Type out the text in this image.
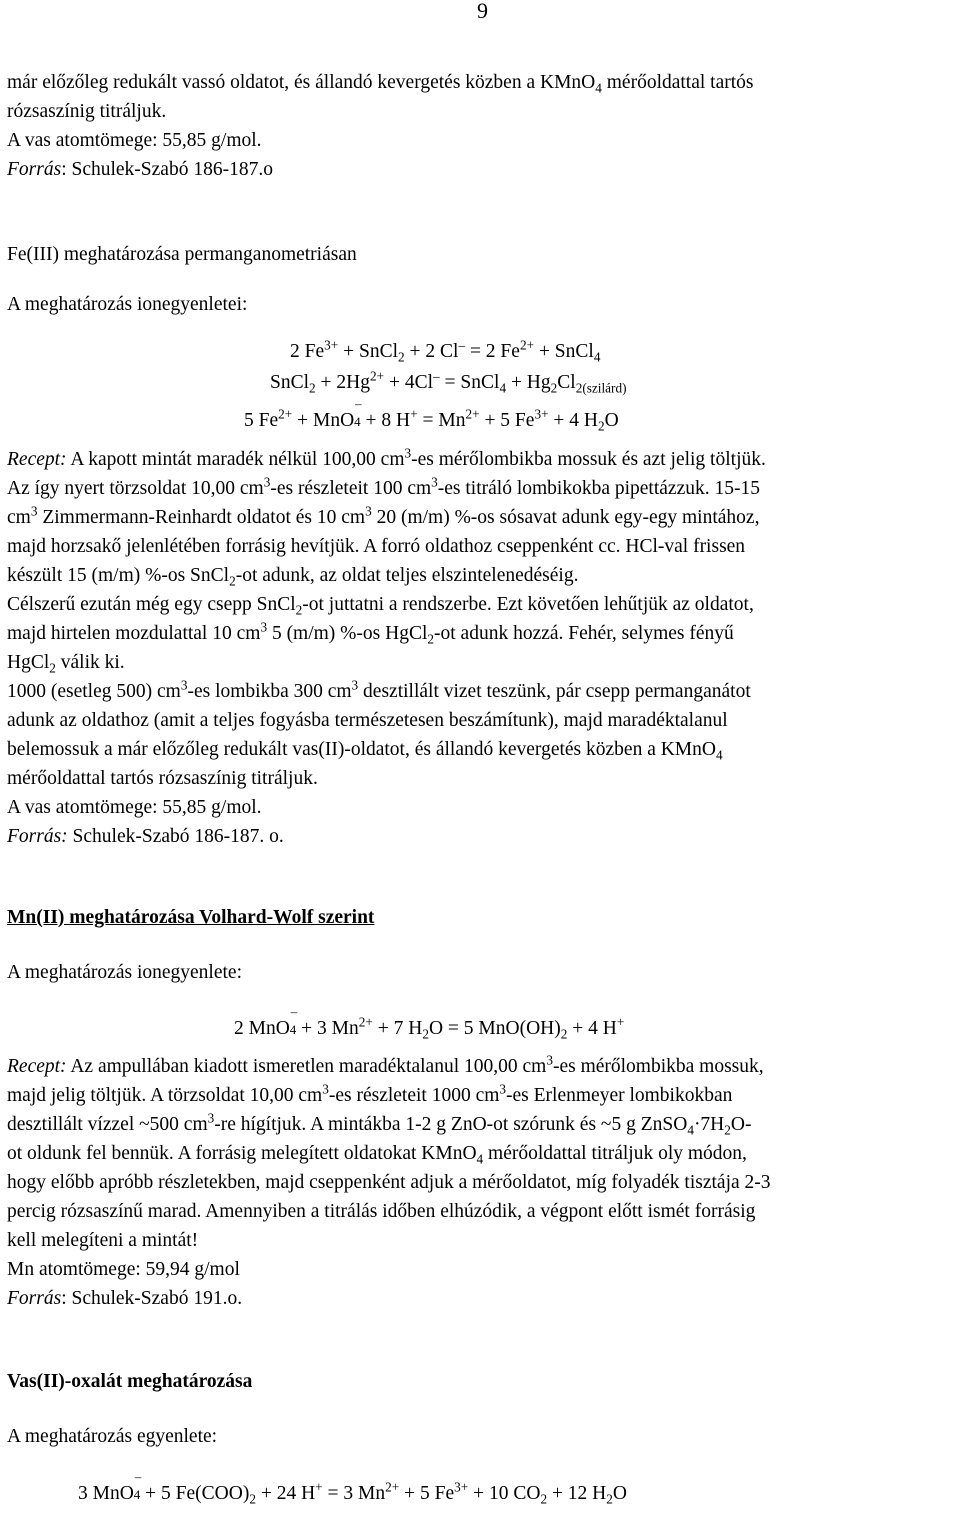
9
már előzőleg redukált vassó oldatot, és állandó kevergetés közben a KMnO$_4$ mérőoldattal tartós
rózsaszínig titráljuk.
A vas atomtömege: 55,85 g/mol.
Forrás: Schulek-Szabó 186-187.o
Fe(III) meghatározása permanganometriásan
A meghatározás ionegyenletei:
2 $Fe^{3+}$ + SnCl$_2$ + 2 Cl– = 2 $Fe^{2+}$ + SnCl$_4$
SnCl$_2$ + $2Hg^{2+} + 4Cl^-$ = SnCl$_4$ + $Hg_2Cl_{2(szilárd)}$
5 $Fe^{2+}$ + MnO
–
4 + 8 $H^+ = Mn^{2+} + 5$ $Fe^{3+} + 4$ $H_2O$
Recept: A kapott mintát maradék nélkül 100,00 $cm^3-es$ mérőlombikba mossuk és azt jelig töltjük.
Az így nyert törzsoldat 10,00 $cm^3-es$ részleteit 100 $cm^3-es$ titráló lombikokba pipettázzuk. 15-15
$cm^3$ Zimmermann-Reinhardt oldatot és 10 $cm^3$ 20 (m/m) %-os sósavat adunk egy-egy mintához,
majd horzsakő jelenlétében forrásig hevítjük. A forró oldathoz cseppenként cc. HCl-val frissen
készült 15 (m/m) %-os SnCl$_2$-ot adunk, az oldat teljes elszintelenedéséig.
Célszerű ezután még egy csepp SnCl$_2$-ot juttatni a rendszerbe. Ezt követően lehűtjük az oldatot,
majd hirtelen mozdulattal 10 $cm^3$ 5 (m/m) %-os HgCl$_2$-ot adunk hozzá. Fehér, selymes fényű
HgCl$_2$ válik ki.
1000 (esetleg 500) $cm^3-es$ lombikba 300 $cm^3$ desztillált vizet teszünk, pár csepp permanganátot
adunk az oldathoz (amit a teljes fogyásba természetesen beszámítunk), majd maradéktalanul
belemossuk a már előzőleg redukált vas(II)-oldatot, és állandó kevergetés közben a KMnO$_4$
mérőoldattal tartós rózsaszínig titráljuk.
A vas atomtömege: 55,85 g/mol.
Forrás: Schulek-Szabó 186-187. o.
Mn(II) meghatározása Volhard-Wolf szerint
A meghatározás ionegyenlete:
2 MnO
–
4 + 3 $Mn^{2+} + 7$ $H_2O = 5$ $MnO(OH)_2 + 4$ H+
Recept: Az ampullában kiadott ismeretlen maradéktalanul 100,00 $cm^3-es$ mérőlombikba mossuk,
majd jelig töltjük. A törzsoldat 10,00 $cm^3-es$ részleteit 1000 $cm^3-es$ Erlenmeyer lombikokban
desztillált vízzel ~500 $cm^3-re$ hígítjuk. A mintákba 1-2 g ZnO-ot szórunk és ~5 g $ZnSO_4\cdot 7H_2O-$
ot oldunk fel bennük. A forrásig melegített oldatokat KMnO$_4$ mérőoldattal titráljuk oly módon,
hogy előbb apróbb részletekben, majd cseppenként adjuk a mérőoldatot, míg folyadék tisztája 2-3
percig rózsaszínű marad. Amennyiben a titrálás időben elhúzódik, a végpont előtt ismét forrásig
kell melegíteni a mintát!
Mn atomtömege: 59,94 g/mol
Forrás: Schulek-Szabó 191.o.
Vas(II)-oxalát meghatározása
A meghatározás egyenlete:
3 MnO
–
4 + 5 $Fe(COO)_2 + 24$ H+ = 3 $Mn^{2+} + 5$ $Fe^{3+} + 10$ $CO_2 + 12$ $H_2O$
